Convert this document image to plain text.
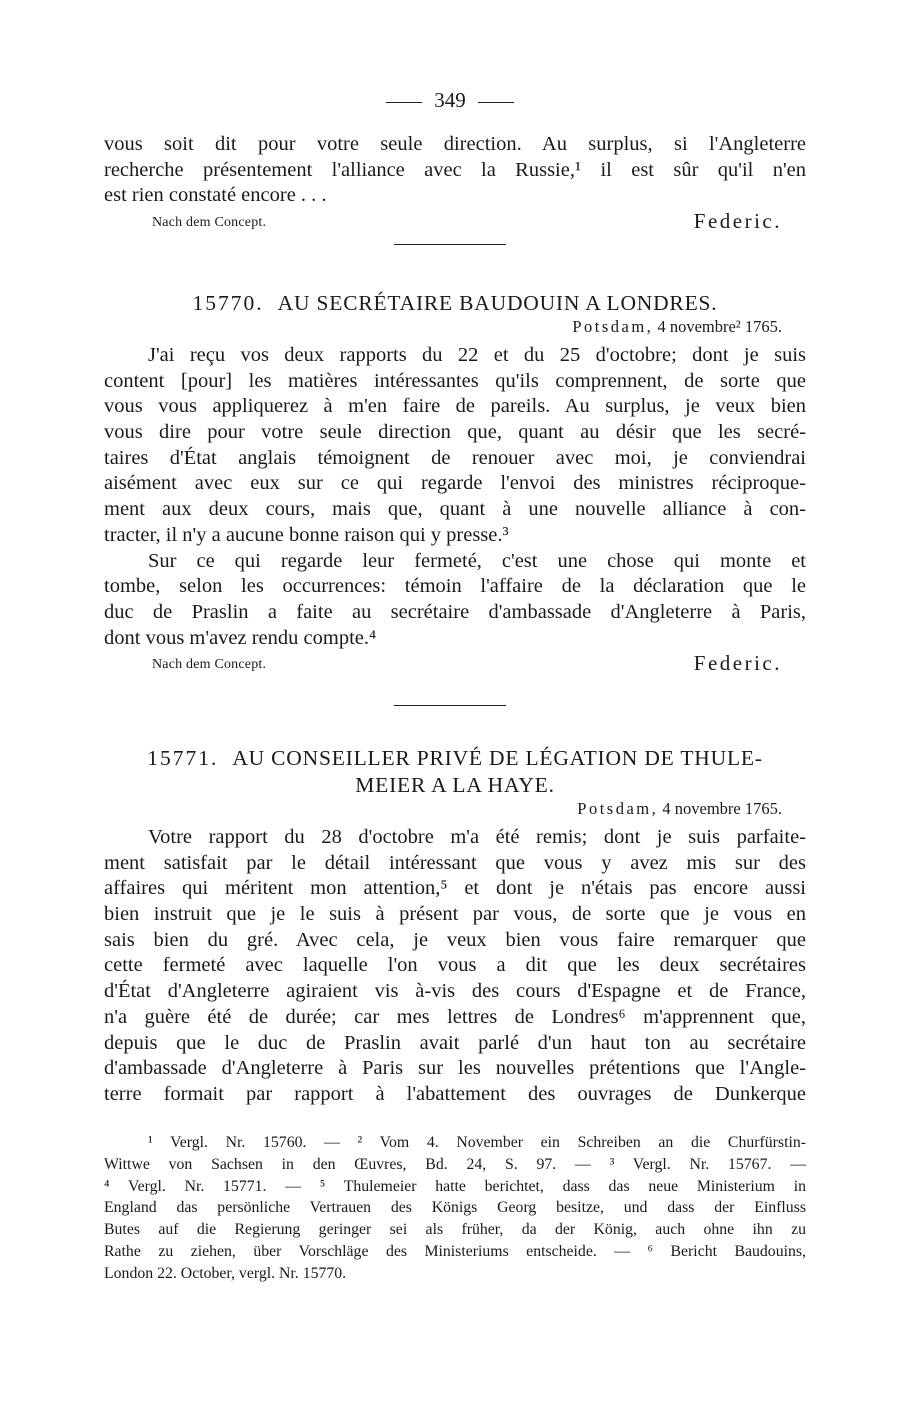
349
vous soit dit pour votre seule direction. Au surplus, si l'Angleterre
recherche présentement l'alliance avec la Russie,¹ il est sûr qu'il n'en
est rien constaté encore . . .
Nach dem Concept.	Federic.
15770. AU SECRÉTAIRE BAUDOUIN A LONDRES.
Potsdam, 4 novembre² 1765.
J'ai reçu vos deux rapports du 22 et du 25 d'octobre; dont je suis
content [pour] les matières intéressantes qu'ils comprennent, de sorte que
vous vous appliquerez à m'en faire de pareils. Au surplus, je veux bien
vous dire pour votre seule direction que, quant au désir que les secré-
taires d'État anglais témoignent de renouer avec moi, je conviendrai
aisément avec eux sur ce qui regarde l'envoi des ministres réciproque-
ment aux deux cours, mais que, quant à une nouvelle alliance à con-
tracter, il n'y a aucune bonne raison qui y presse.³
Sur ce qui regarde leur fermeté, c'est une chose qui monte et
tombe, selon les occurrences: témoin l'affaire de la déclaration que le
duc de Praslin a faite au secrétaire d'ambassade d'Angleterre à Paris,
dont vous m'avez rendu compte.⁴
Nach dem Concept.	Federic.
15771. AU CONSEILLER PRIVÉ DE LÉGATION DE THULE-
MEIER A LA HAYE.
Potsdam, 4 novembre 1765.
Votre rapport du 28 d'octobre m'a été remis; dont je suis parfaite-
ment satisfait par le détail intéressant que vous y avez mis sur des
affaires qui méritent mon attention,⁵ et dont je n'étais pas encore aussi
bien instruit que je le suis à présent par vous, de sorte que je vous en
sais bien du gré. Avec cela, je veux bien vous faire remarquer que
cette fermeté avec laquelle l'on vous a dit que les deux secrétaires
d'État d'Angleterre agiraient vis à-vis des cours d'Espagne et de France,
n'a guère été de durée; car mes lettres de Londres⁶ m'apprennent que,
depuis que le duc de Praslin avait parlé d'un haut ton au secrétaire
d'ambassade d'Angleterre à Paris sur les nouvelles prétentions que l'Angle-
terre formait par rapport à l'abattement des ouvrages de Dunkerque
¹ Vergl. Nr. 15760. — ² Vom 4. November ein Schreiben an die Churfürstin-
Wittwe von Sachsen in den Œuvres, Bd. 24, S. 97. — ³ Vergl. Nr. 15767. —
⁴ Vergl. Nr. 15771. — ⁵ Thulemeier hatte berichtet, dass das neue Ministerium in
England das persönliche Vertrauen des Königs Georg besitze, und dass der Einfluss
Butes auf die Regierung geringer sei als früher, da der König, auch ohne ihn zu
Rathe zu ziehen, über Vorschläge des Ministeriums entscheide. — ⁶ Bericht Baudouins,
London 22. October, vergl. Nr. 15770.
